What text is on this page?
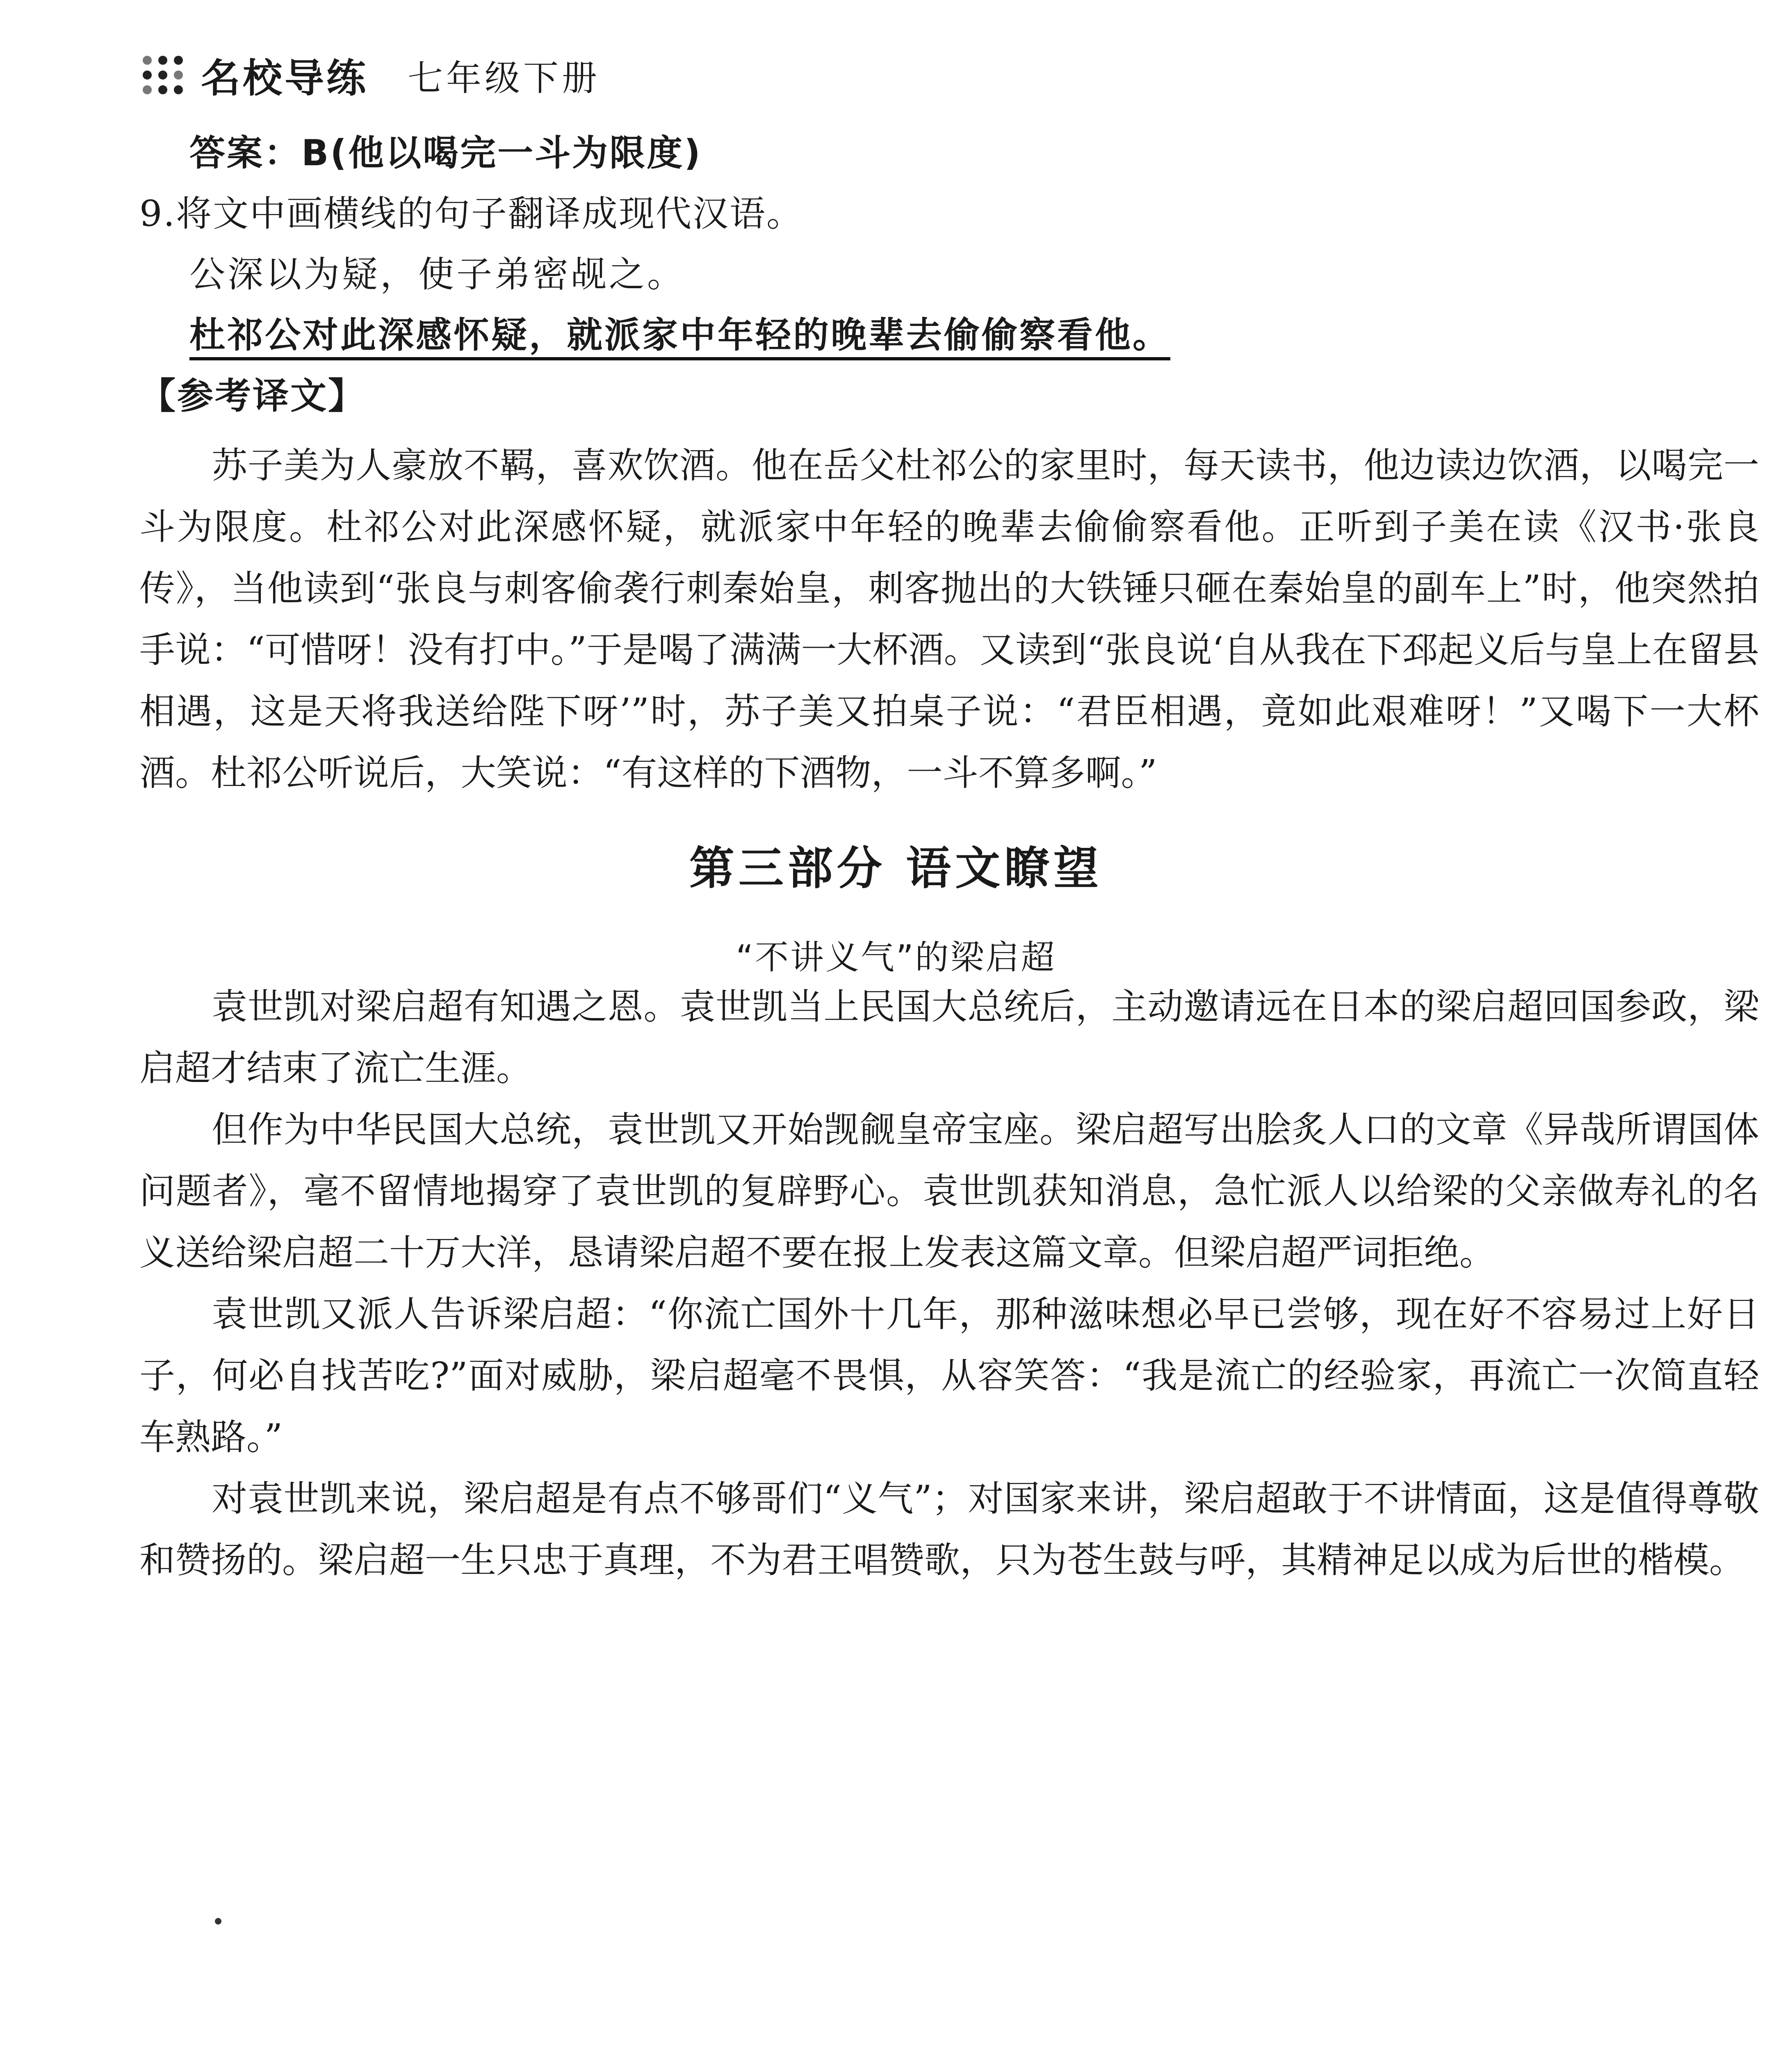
名校导练 七年级下册
答案：B(他以喝完一斗为限度)
9.将文中画横线的句子翻译成现代汉语。
公深以为疑，使子弟密觇之。
杜祁公对此深感怀疑，就派家中年轻的晚辈去偷偷察看他。
【参考译文】
苏子美为人豪放不羁，喜欢饮酒。他在岳父杜祁公的家里时，每天读书，他边读边饮酒，以喝完一斗为限度。杜祁公对此深感怀疑，就派家中年轻的晚辈去偷偷察看他。正听到子美在读《汉书·张良传》，当他读到“张良与刺客偷袭行刺秦始皇，刺客抛出的大铁锤只砸在秦始皇的副车上”时，他突然拍手说：“可惜呀！没有打中。”于是喝了满满一大杯酒。又读到“张良说‘自从我在下邳起义后与皇上在留县相遇，这是天将我送给陛下呀’”时，苏子美又拍桌子说：“君臣相遇，竟如此艰难呀！”又喝下一大杯酒。杜祁公听说后，大笑说：“有这样的下酒物，一斗不算多啊。”
第三部分 语文瞭望
“不讲义气”的梁启超
袁世凯对梁启超有知遇之恩。袁世凯当上民国大总统后，主动邀请远在日本的梁启超回国参政，梁启超才结束了流亡生涯。
但作为中华民国大总统，袁世凯又开始觊觎皇帝宝座。梁启超写出脍炙人口的文章《异哉所谓国体问题者》，毫不留情地揭穿了袁世凯的复辟野心。袁世凯获知消息，急忙派人以给梁的父亲做寿礼的名义送给梁启超二十万大洋，恳请梁启超不要在报上发表这篇文章。但梁启超严词拒绝。
袁世凯又派人告诉梁启超：“你流亡国外十几年，那种滋味想必早已尝够，现在好不容易过上好日子，何必自找苦吃?”面对威胁，梁启超毫不畏惧，从容笑答：“我是流亡的经验家，再流亡一次简直轻车熟路。”
对袁世凯来说，梁启超是有点不够哥们“义气”；对国家来讲，梁启超敢于不讲情面，这是值得尊敬和赞扬的。梁启超一生只忠于真理，不为君王唱赞歌，只为苍生鼓与呼，其精神足以成为后世的楷模。
